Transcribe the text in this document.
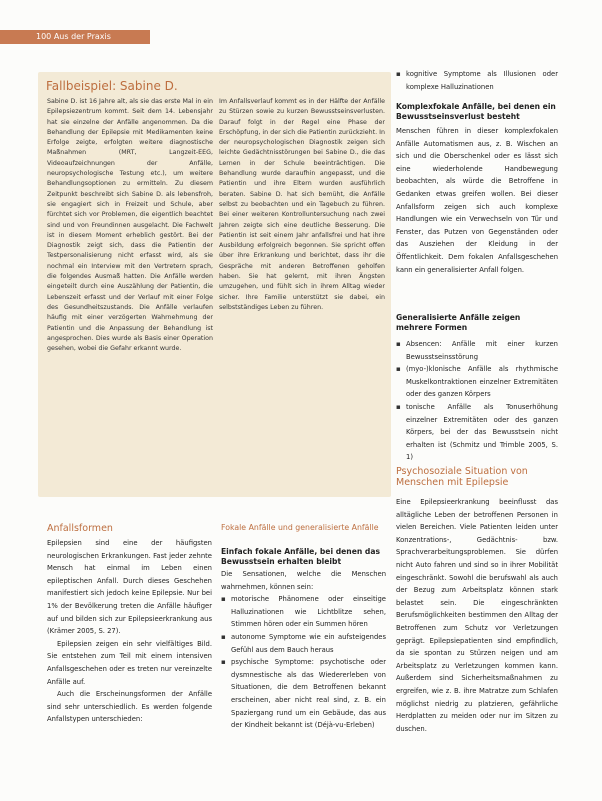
100 Aus der Praxis
Fallbeispiel: Sabine D.

Sabine D. ist 16 Jahre alt, als sie das erste Mal in ein Epilepsiezentrum kommt. Seit dem 14. Lebensjahr hat sie einzelne der Anfälle angenommen. Da die Behandlung der Epilepsie mit Medikamenten keine Erfolge zeigte, erfolgten weitere diagnostische Maßnahmen (MRT, Langzeit-EEG, Videoaufzeichnungen der Anfälle, neuropsychologische Testung etc.), um weitere Behandlungsoptionen zu ermitteln. Zu diesem Zeitpunkt beschreibt sich Sabine D. als lebensfroh, sie engagiert sich in Freizeit und Schule, aber fürchtet sich vor Problemen, die eigentlich beachtet sind und von Freundinnen ausgelacht. Die Fachwelt ist in diesem Moment erheblich gestört. Bei der Diagnostik zeigt sich, dass die Patientin der Testpersonalisierung nicht erfasst wird, als sie nochmal ein Interview mit den Vertretern sprach, die folgendes Ausmaß hatten. Die Anfälle werden eingeteilt durch eine Auszählung der Patientin, die Lebenszeit erfasst und der Verlauf mit einer Folge des Gesundheitszustands. Die Anfälle verlaufen häufig mit einer verzögerten Wahrnehmung der Patientin und die Anpassung der Behandlung ist angesprochen. Dies wurde als Basis einer Operation gesehen, wobei die Gefahr erkannt wurde.

Im Anfallsverlauf kommt es in der Hälfte der Anfälle zu Stürzen sowie zu kurzen Bewusstseinsverlusten. Darauf folgt in der Regel eine Phase der Erschöpfung, in der sich die Patientin zurückzieht. In der neuropsychologischen Diagnostik zeigen sich leichte Gedächtnisstörungen bei Sabine D., die das Lernen in der Schule beeinträchtigen. Die Behandlung wurde daraufhin angepasst, und die Patientin und ihre Eltern wurden ausführlich beraten. Sabine D. hat sich bemüht, die Anfälle selbst zu beobachten und ein Tagebuch zu führen. Bei einer weiteren Kontrolluntersuchung nach zwei Jahren zeigte sich eine deutliche Besserung. Die Patientin ist seit einem Jahr anfallsfrei und hat ihre Ausbildung erfolgreich begonnen. Sie spricht offen über ihre Erkrankung und berichtet, dass ihr die Gespräche mit anderen Betroffenen geholfen haben. Sie hat gelernt, mit ihren Ängsten umzugehen, und fühlt sich in ihrem Alltag wieder sicher. Ihre Familie unterstützt sie dabei, ein selbstständiges Leben zu führen.

Anfallsformen

Epilepsien sind eine der häufigsten neurologischen Erkrankungen. Fast jeder zehnte Mensch hat einmal im Leben einen epileptischen Anfall. Durch dieses Geschehen manifestiert sich jedoch keine Epilepsie. Nur bei 1% der Bevölkerung treten die Anfälle häufiger auf und bilden sich zur Epilepsieerkrankung aus (Krämer 2005, S. 27).

Epilepsien zeigen ein sehr vielfältiges Bild. Sie entstehen zum Teil mit einem intensiven Anfallsgeschehen oder es treten nur vereinzelte Anfälle auf.

Auch die Erscheinungsformen der Anfälle sind sehr unterschiedlich. Es werden folgende Anfallstypen unterschieden:

Fokale Anfälle und generalisierte Anfälle
Einfach fokale Anfälle, bei denen das Bewusstsein erhalten bleibt

Die Sensationen, welche die Menschen wahrnehmen, können sein:

▪ motorische Phänomene oder einseitige Halluzinationen wie Lichtblitze sehen, Stimmen hören oder ein Summen hören
▪ autonome Symptome wie ein aufsteigendes Gefühl aus dem Bauch heraus
▪ psychische Symptome: psychotische oder dysmnestische als das Wiedererleben von Situationen, die dem Betroffenen bekannt erscheinen, aber nicht real sind, z. B. ein Spaziergang rund um ein Gebäude, das aus der Kindheit bekannt ist (Déjà-vu-Erleben)
▪ kognitive Symptome als Illusionen oder komplexe Halluzinationen
Komplexfokale Anfälle, bei denen ein Bewusstseinsverlust besteht

Menschen führen in dieser komplexfokalen Anfälle Automatismen aus, z. B. Wischen an sich und die Oberschenkel oder es lässt sich eine wiederholende Handbewegung beobachten, als würde die Betroffene in Gedanken etwas greifen wollen. Bei dieser Anfallsform zeigen sich auch komplexe Handlungen wie ein Verwechseln von Tür und Fenster, das Putzen von Gegenständen oder das Ausziehen der Kleidung in der Öffentlichkeit. Dem fokalen Anfallsgeschehen kann ein generalisierter Anfall folgen.

Generalisierte Anfälle zeigen mehrere Formen
▪ Absencen: Anfälle mit einer kurzen Bewusstseinsstörung
▪ (myo-)klonische Anfälle als rhythmische Muskelkontraktionen einzelner Extremitäten oder des ganzen Körpers
▪ tonische Anfälle als Tonuserhöhung einzelner Extremitäten oder des ganzen Körpers, bei der das Bewusstsein nicht erhalten ist (Schmitz und Trimble 2005, S. 1)
Psychosoziale Situation von Menschen mit Epilepsie

Eine Epilepsieerkrankung beeinflusst das alltägliche Leben der betroffenen Personen in vielen Bereichen. Viele Patienten leiden unter Konzentrations-, Gedächtnis- bzw. Sprachverarbeitungsproblemen. Sie dürfen nicht Auto fahren und sind so in ihrer Mobilität eingeschränkt. Sowohl die berufswahl als auch der Bezug zum Arbeitsplatz können stark belastet sein. Die eingeschränkten Berufsmöglichkeiten bestimmen den Alltag der Betroffenen zum Schutz vor Verletzungen geprägt. Epilepsiepatienten sind empfindlich, da sie spontan zu Stürzen neigen und am Arbeitsplatz zu Verletzungen kommen kann. Außerdem sind Sicherheitsmaßnahmen zu ergreifen, wie z. B. ihre Matratze zum Schlafen möglichst niedrig zu platzieren, gefährliche Herdplatten zu meiden oder nur im Sitzen zu duschen.
